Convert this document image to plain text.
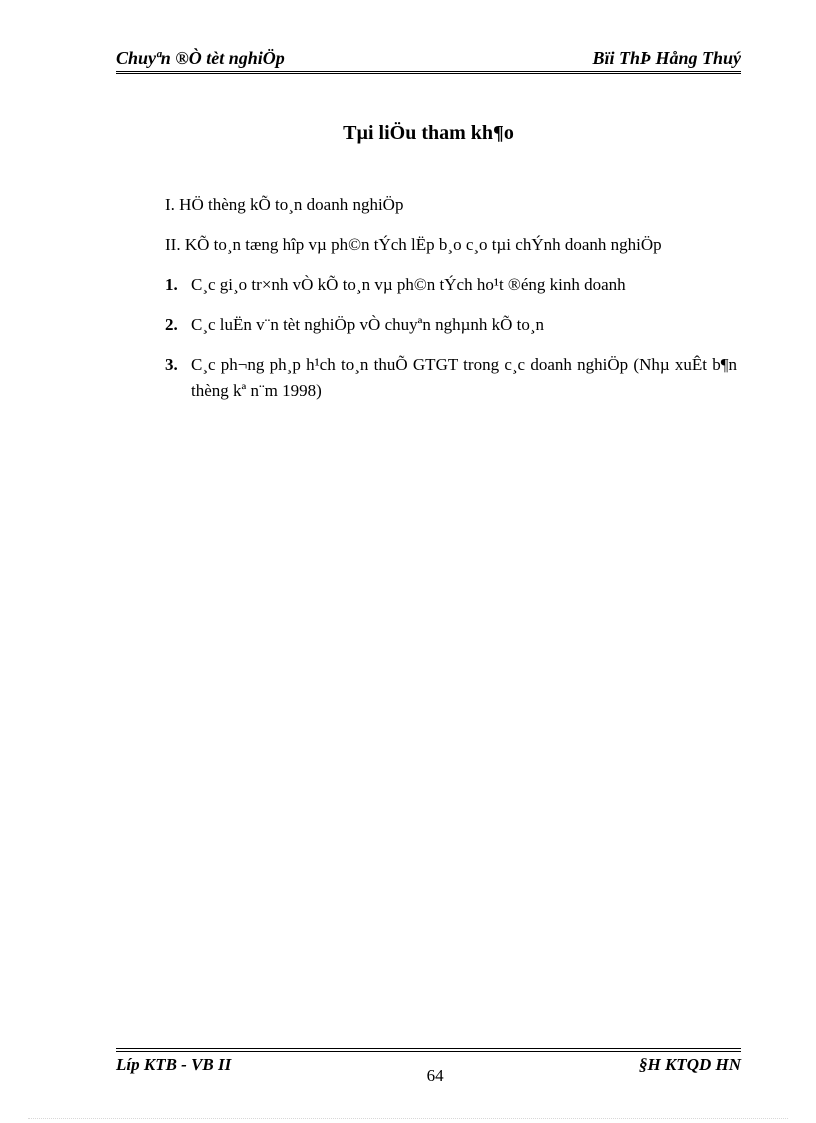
Chuyªn ®Ò tèt nghiÖp	Bïi ThÞ Hång Thuý
Tµi liÖu tham kh¶o
I. HÖ thèng kÕ to¸n doanh nghiÖp
II. KÕ to¸n tæng hîp vµ ph©n tÝch lËp b¸o c¸o tµi chÝnh doanh nghiÖp
1. C¸c gi¸o tr×nh vÒ kÕ to¸n vµ ph©n tÝch ho¹t ®éng kinh doanh
2. C¸c luËn v¨n tèt nghiÖp vÒ chuyªn nghµnh kÕ to¸n
3. C¸c ph¬ng ph¸p h¹ch to¸n thuÕ GTGT trong c¸c doanh nghiÖp (Nhµ xuÊt b¶n thèng kª n¨m 1998)
Líp KTB - VB II
64
§H KTQD HN
